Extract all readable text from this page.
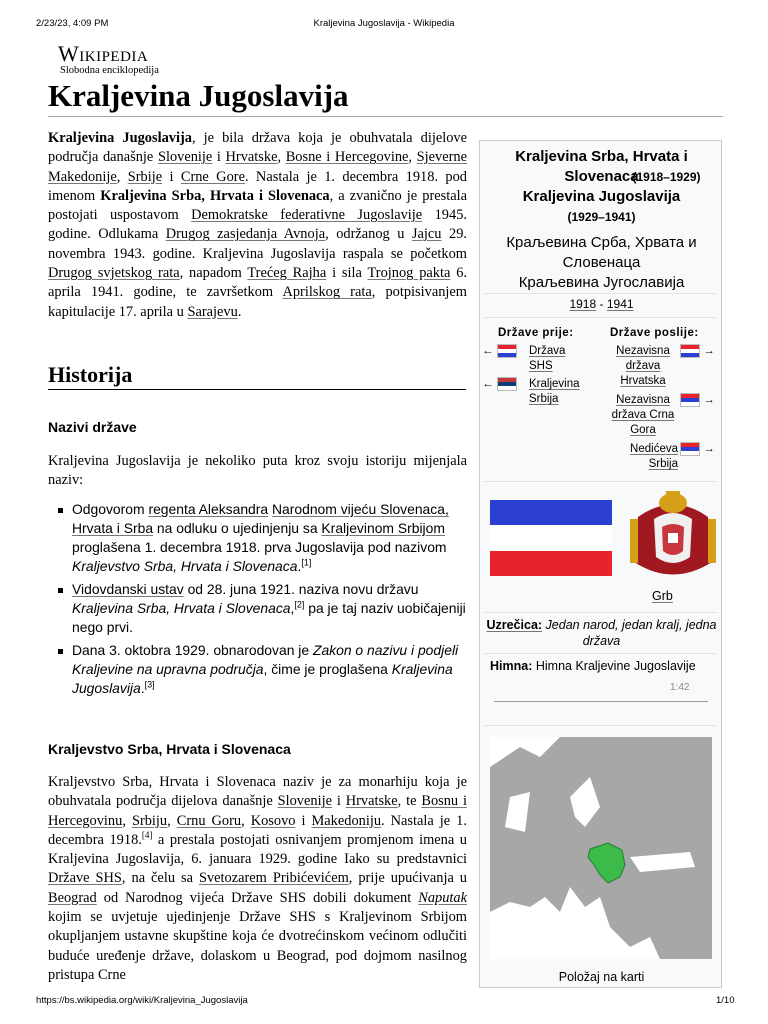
2/23/23, 4:09 PM	Kraljevina Jugoslavija - Wikipedia
Wikipedia
Slobodna enciklopedija
Kraljevina Jugoslavija
Kraljevina Jugoslavija, je bila država koja je obuhvatala dijelove područja današnje Slovenije i Hrvatske, Bosne i Hercegovine, Sjeverne Makedonije, Srbije i Crne Gore. Nastala je 1. decembra 1918. pod imenom Kraljevina Srba, Hrvata i Slovenaca, a zvanično je prestala postojati uspostavom Demokratske federativne Jugoslavije 1945. godine. Odlukama Drugog zasjedanja Avnoja, održanog u Jajcu 29. novembra 1943. godine. Kraljevina Jugoslavija raspala se početkom Drugog svjetskog rata, napadom Trećeg Rajha i sila Trojnog pakta 6. aprila 1941. godine, te završetkom Aprilskog rata, potpisivanjem kapitulacije 17. aprila u Sarajevu.
Historija
Nazivi države
Kraljevina Jugoslavija je nekoliko puta kroz svoju istoriju mijenjala naziv:
Odgovorom regenta Aleksandra Narodnom vijeću Slovenaca, Hrvata i Srba na odluku o ujedinjenju sa Kraljevinom Srbijom proglašena 1. decembra 1918. prva Jugoslavija pod nazivom Kraljevstvo Srba, Hrvata i Slovenaca.[1]
Vidovdanski ustav od 28. juna 1921. naziva novu državu Kraljevina Srba, Hrvata i Slovenaca,[2] pa je taj naziv uobičajeniji nego prvi.
Dana 3. oktobra 1929. obnarodovan je Zakon o nazivu i podjeli Kraljevine na upravna područja, čime je proglašena Kraljevina Jugoslavija.[3]
Kraljevstvo Srba, Hrvata i Slovenaca
Kraljevstvo Srba, Hrvata i Slovenaca naziv je za monarhiju koja je obuhvatala područja dijelova današnje Slovenije i Hrvatske, te Bosnu i Hercegovinu, Srbiju, Crnu Goru, Kosovo i Makedoniju. Nastala je 1. decembra 1918.[4] a prestala postojati osnivanjem promjenom imena u Kraljevina Jugoslavija, 6. januara 1929. godine Iako su predstavnici Države SHS, na čelu sa Svetozarem Pribićevićem, prije upućivanja u Beograd od Narodnog vijeća Države SHS dobili dokument Naputak kojim se uvjetuje ujedinjenje Države SHS s Kraljevinom Srbijom okupljanjem ustavne skupštine koja će dvotrećinskom većinom odlučiti buduće uređenje države, dolaskom u Beograd, pod dojmom nasilnog pristupa Crne
Kraljevina Srba, Hrvata i Slovenaca
(1918–1929)
Kraljevina Jugoslavija
(1929–1941)
Краљевина Срба, Хрвата и Словенаца
Краљевина Југославија
1918 - 1941
Države prije:	Države poslije:
←	Država SHS
←	Kraljevina Srbija
Nezavisna država Hrvatska
→
Nezavisna država Crna Gora
→
Nedićeva Srbija
→
Grb
Uzrečica: Jedan narod, jedan kralj, jedna država
Himna: Himna Kraljevine Jugoslavije
1:42
Položaj na karti
https://bs.wikipedia.org/wiki/Kraljevina_Jugoslavija	1/10
